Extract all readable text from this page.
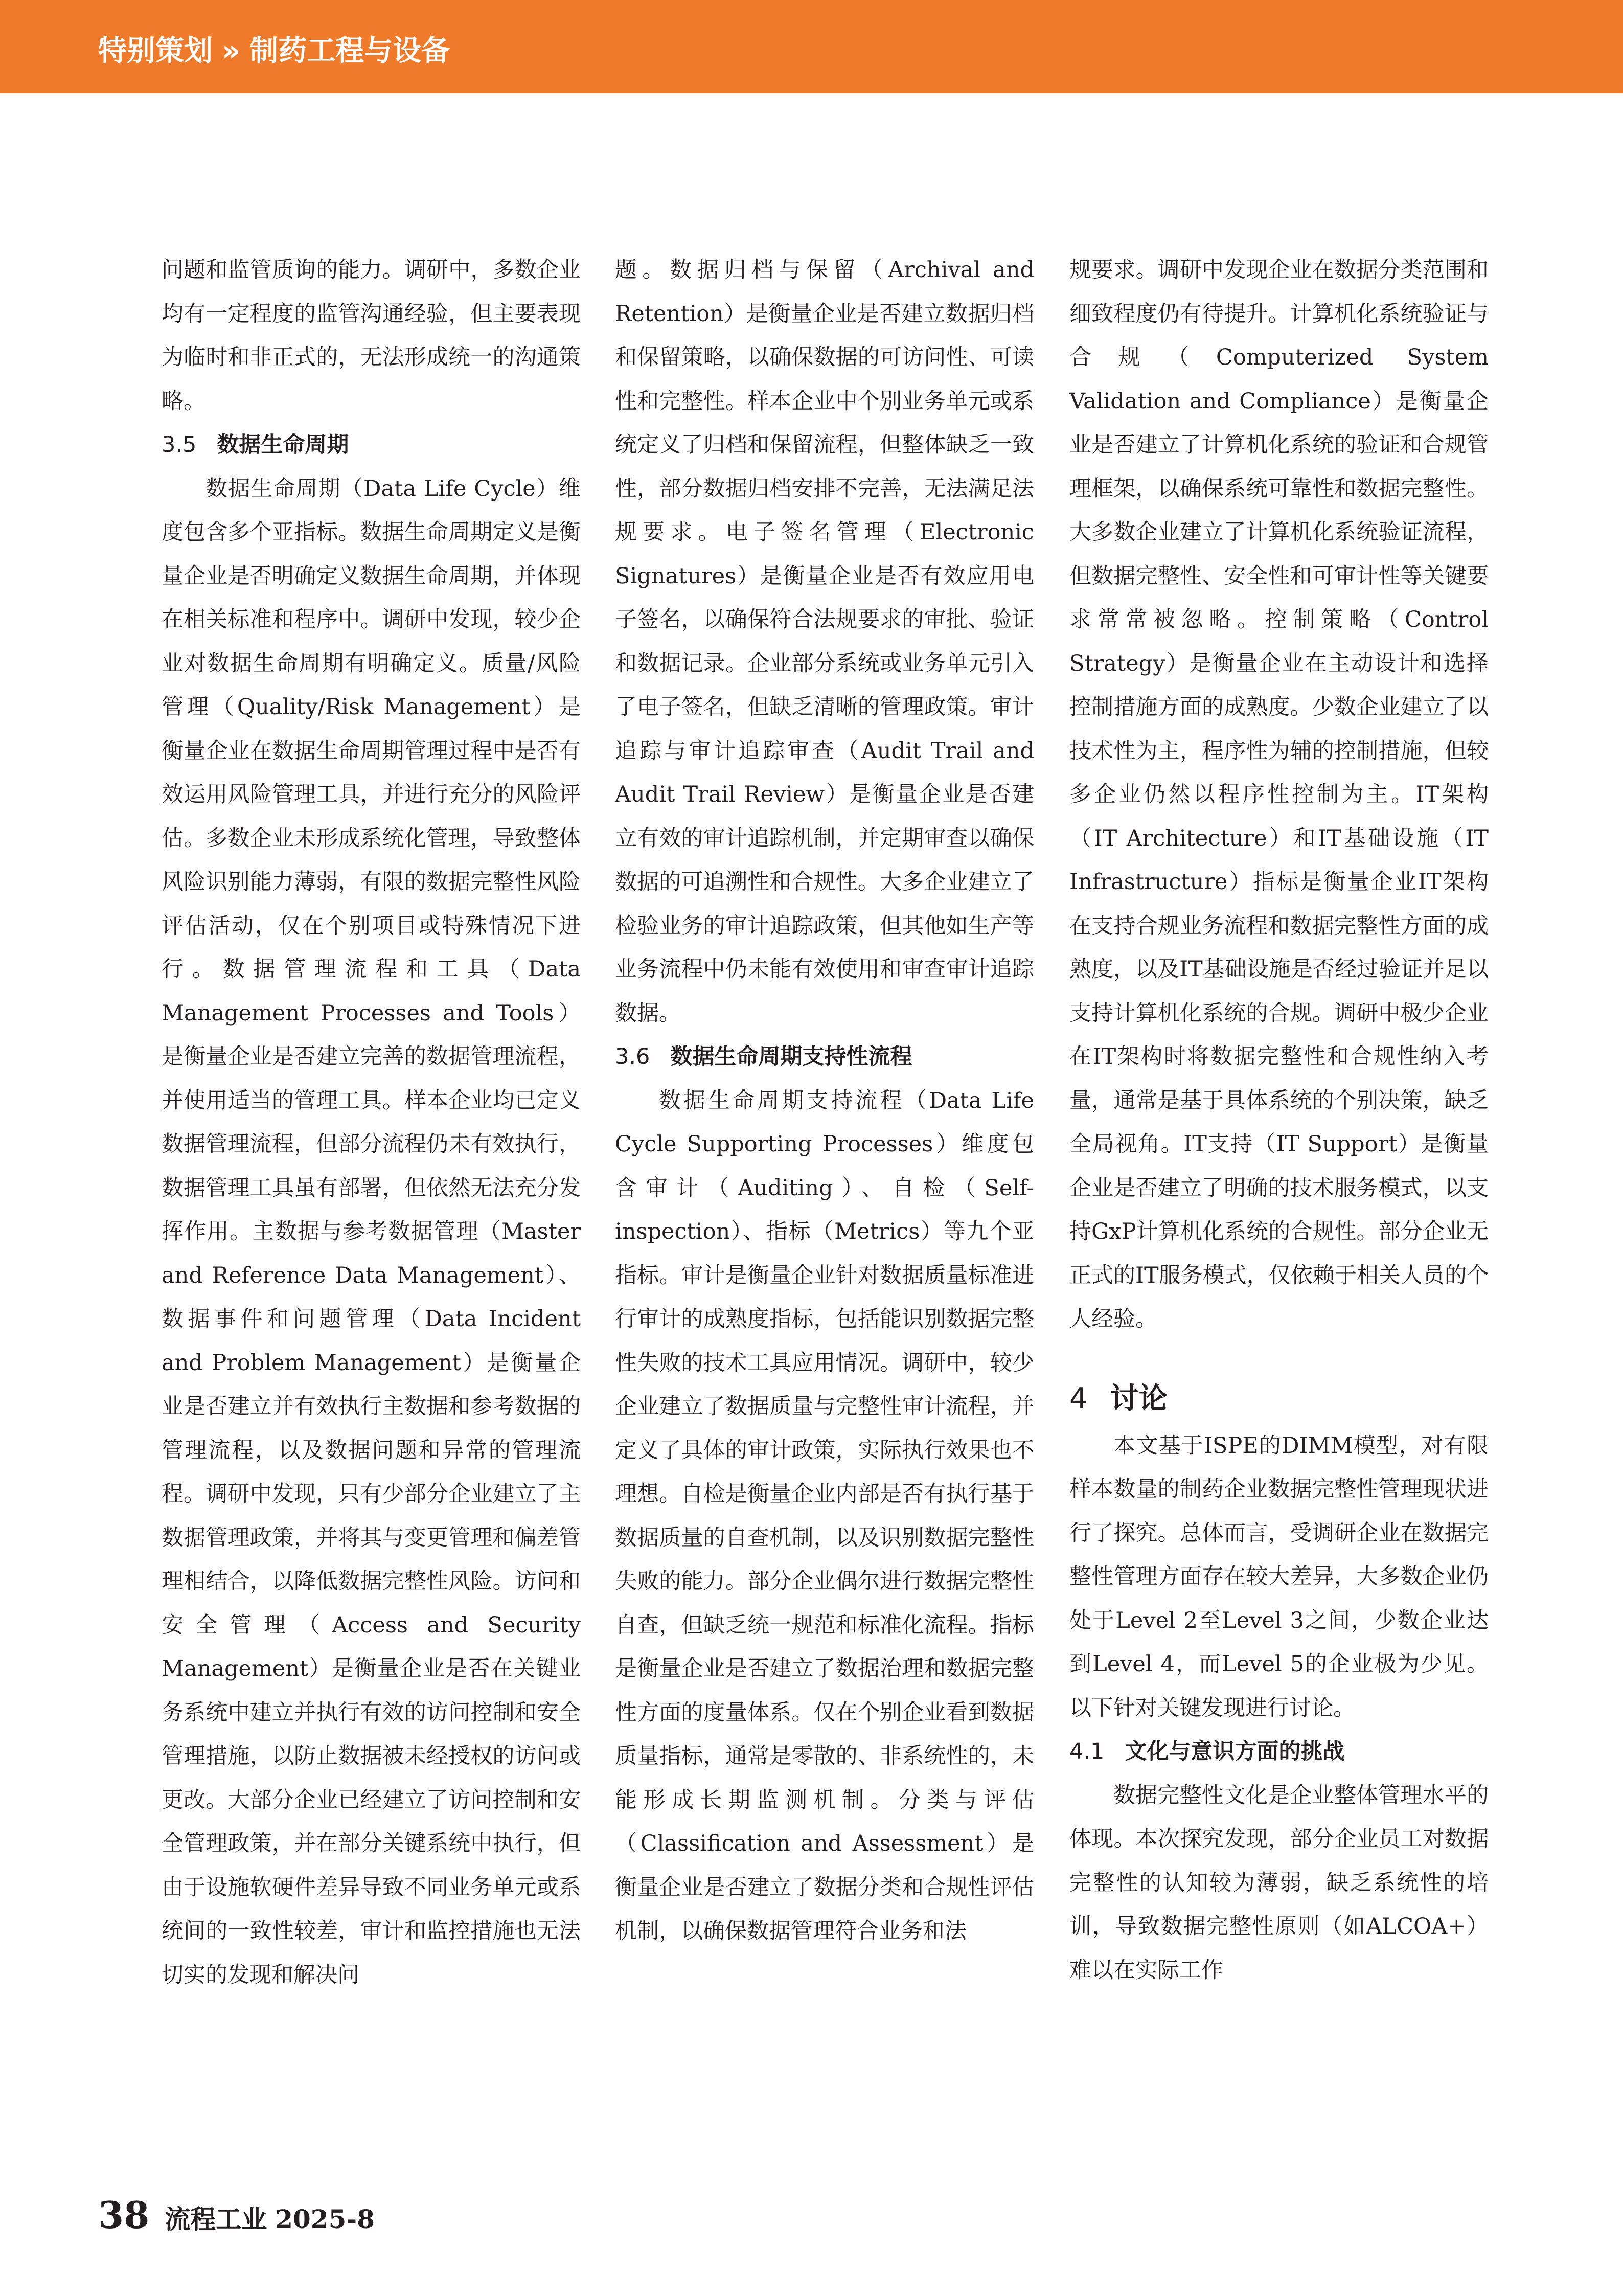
特别策划 » 制药工程与设备

问题和监管质询的能力。调研中，多数企业均有一定程度的监管沟通经验，但主要表现为临时和非正式的，无法形成统一的沟通策略。

3.5 数据生命周期

数据生命周期（Data Life Cycle）维度包含多个亚指标。数据生命周期定义是衡量企业是否明确定义数据生命周期，并体现在相关标准和程序中。调研中发现，较少企业对数据生命周期有明确定义。质量/风险管理（Quality/Risk Management）是衡量企业在数据生命周期管理过程中是否有效运用风险管理工具，并进行充分的风险评估。多数企业未形成系统化管理，导致整体风险识别能力薄弱，有限的数据完整性风险评估活动，仅在个别项目或特殊情况下进行。数据管理流程和工具（Data Management Processes and Tools）是衡量企业是否建立完善的数据管理流程，并使用适当的管理工具。样本企业均已定义数据管理流程，但部分流程仍未有效执行，数据管理工具虽有部署，但依然无法充分发挥作用。主数据与参考数据管理（Master and Reference Data Management）、数据事件和问题管理（Data Incident and Problem Management）是衡量企业是否建立并有效执行主数据和参考数据的管理流程，以及数据问题和异常的管理流程。调研中发现，只有少部分企业建立了主数据管理政策，并将其与变更管理和偏差管理相结合，以降低数据完整性风险。访问和安全管理（Access and Security Management）是衡量企业是否在关键业务系统中建立并执行有效的访问控制和安全管理措施，以防止数据被未经授权的访问或更改。大部分企业已经建立了访问控制和安全管理政策，并在部分关键系统中执行，但由于设施软硬件差异导致不同业务单元或系统间的一致性较差，审计和监控措施也无法切实的发现和解决问

题。数据归档与保留（Archival and Retention）是衡量企业是否建立数据归档和保留策略，以确保数据的可访问性、可读性和完整性。样本企业中个别业务单元或系统定义了归档和保留流程，但整体缺乏一致性，部分数据归档安排不完善，无法满足法规要求。电子签名管理（Electronic Signatures）是衡量企业是否有效应用电子签名，以确保符合法规要求的审批、验证和数据记录。企业部分系统或业务单元引入了电子签名，但缺乏清晰的管理政策。审计追踪与审计追踪审查（Audit Trail and Audit Trail Review）是衡量企业是否建立有效的审计追踪机制，并定期审查以确保数据的可追溯性和合规性。大多企业建立了检验业务的审计追踪政策，但其他如生产等业务流程中仍未能有效使用和审查审计追踪数据。

3.6 数据生命周期支持性流程

数据生命周期支持流程（Data Life Cycle Supporting Processes）维度包含审计（Auditing）、自检（Self-inspection）、指标（Metrics）等九个亚指标。审计是衡量企业针对数据质量标准进行审计的成熟度指标，包括能识别数据完整性失败的技术工具应用情况。调研中，较少企业建立了数据质量与完整性审计流程，并定义了具体的审计政策，实际执行效果也不理想。自检是衡量企业内部是否有执行基于数据质量的自查机制，以及识别数据完整性失败的能力。部分企业偶尔进行数据完整性自查，但缺乏统一规范和标准化流程。指标是衡量企业是否建立了数据治理和数据完整性方面的度量体系。仅在个别企业看到数据质量指标，通常是零散的、非系统性的，未能形成长期监测机制。分类与评估（Classification and Assessment）是衡量企业是否建立了数据分类和合规性评估机制，以确保数据管理符合业务和法

规要求。调研中发现企业在数据分类范围和细致程度仍有待提升。计算机化系统验证与合规（Computerized System Validation and Compliance）是衡量企业是否建立了计算机化系统的验证和合规管理框架，以确保系统可靠性和数据完整性。大多数企业建立了计算机化系统验证流程，但数据完整性、安全性和可审计性等关键要求常常被忽略。控制策略（Control Strategy）是衡量企业在主动设计和选择控制措施方面的成熟度。少数企业建立了以技术性为主，程序性为辅的控制措施，但较多企业仍然以程序性控制为主。IT架构（IT Architecture）和IT基础设施（IT Infrastructure）指标是衡量企业IT架构在支持合规业务流程和数据完整性方面的成熟度，以及IT基础设施是否经过验证并足以支持计算机化系统的合规。调研中极少企业在IT架构时将数据完整性和合规性纳入考量，通常是基于具体系统的个别决策，缺乏全局视角。IT支持（IT Support）是衡量企业是否建立了明确的技术服务模式，以支持GxP计算机化系统的合规性。部分企业无正式的IT服务模式，仅依赖于相关人员的个人经验。

4 讨论

本文基于ISPE的DIMM模型，对有限样本数量的制药企业数据完整性管理现状进行了探究。总体而言，受调研企业在数据完整性管理方面存在较大差异，大多数企业仍处于Level 2至Level 3之间，少数企业达到Level 4，而Level 5的企业极为少见。以下针对关键发现进行讨论。

4.1 文化与意识方面的挑战

数据完整性文化是企业整体管理水平的体现。本次探究发现，部分企业员工对数据完整性的认知较为薄弱，缺乏系统性的培训，导致数据完整性原则（如ALCOA+）难以在实际工作

38 流程工业 2025-8
